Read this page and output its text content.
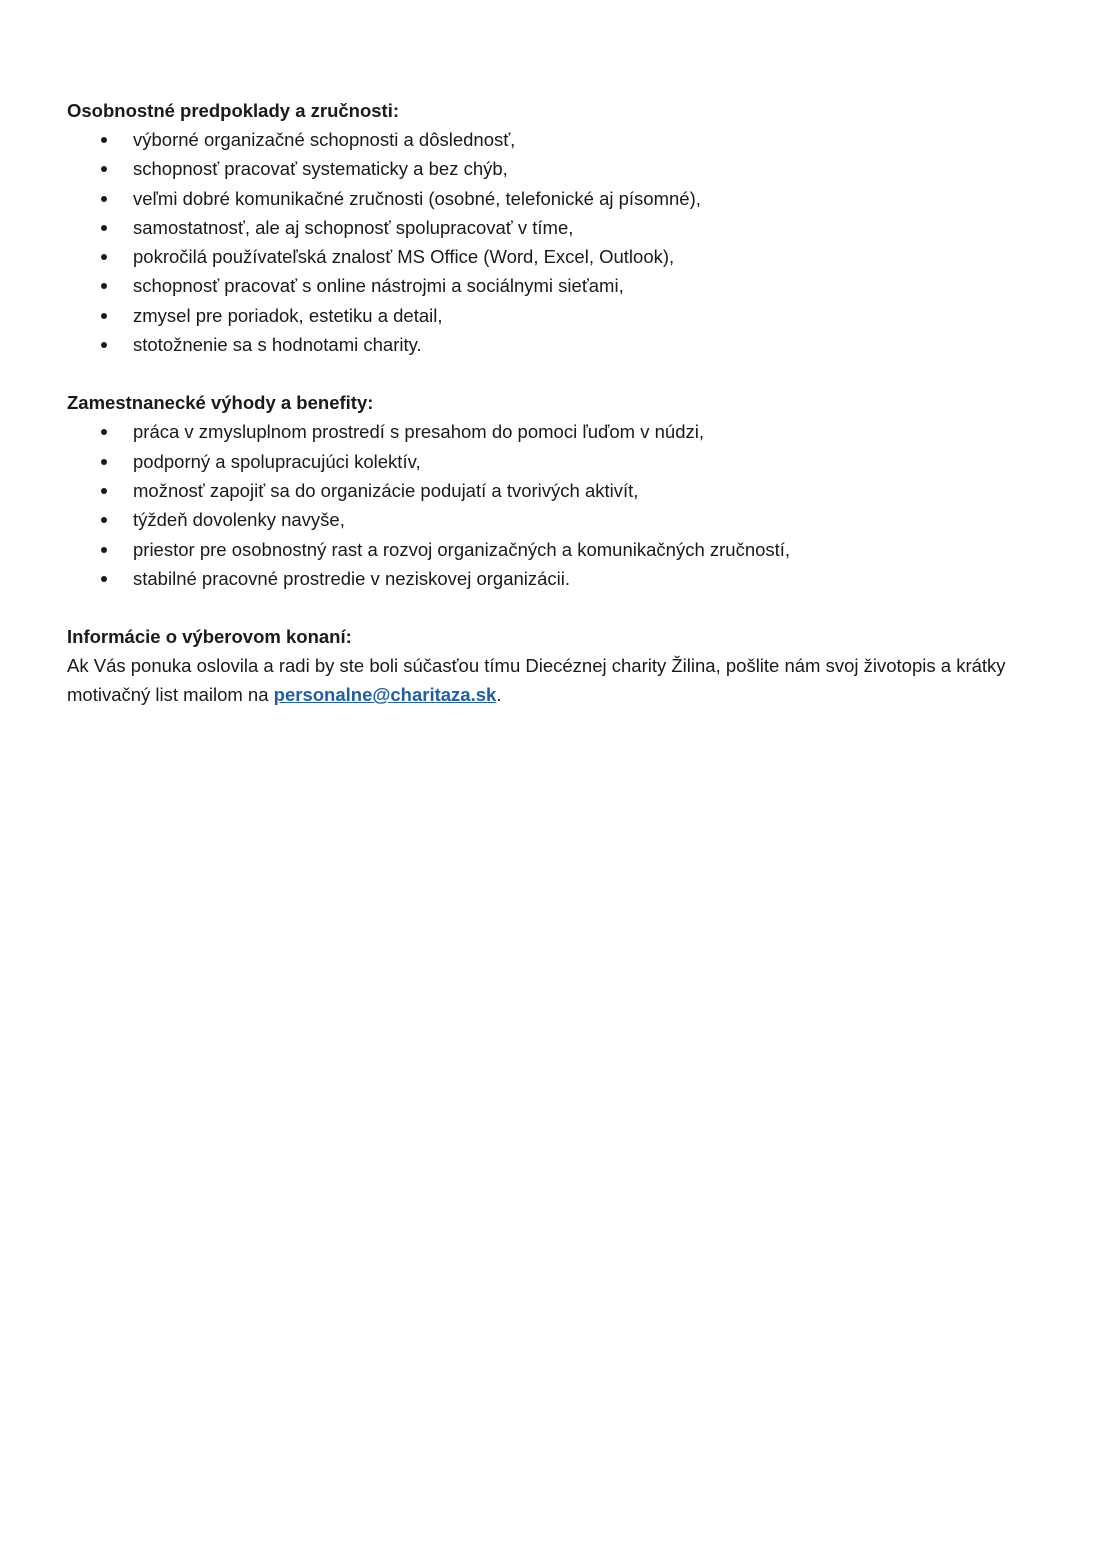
Osobnostné predpoklady a zručnosti:

výborné organizačné schopnosti a dôslednosť,
schopnosť pracovať systematicky a bez chýb,
veľmi dobré komunikačné zručnosti (osobné, telefonické aj písomné),
samostatnosť, ale aj schopnosť spolupracovať v tíme,
pokročilá používateľská znalosť MS Office (Word, Excel, Outlook),
schopnosť pracovať s online nástrojmi a sociálnymi sieťami,
zmysel pre poriadok, estetiku a detail,
stotožnenie sa s hodnotami charity.

Zamestnanecké výhody a benefity:

práca v zmysluplnom prostredí s presahom do pomoci ľuďom v núdzi,
podporný a spolupracujúci kolektív,
možnosť zapojiť sa do organizácie podujatí a tvorivých aktivít,
týždeň dovolenky navyše,
priestor pre osobnostný rast a rozvoj organizačných a komunikačných zručností,
stabilné pracovné prostredie v neziskovej organizácii.

Informácie o výberovom konaní:

Ak Vás ponuka oslovila a radi by ste boli súčasťou tímu Diecéznej charity Žilina, pošlite nám svoj životopis a krátky motivačný list mailom na personalne@charitaza.sk.
